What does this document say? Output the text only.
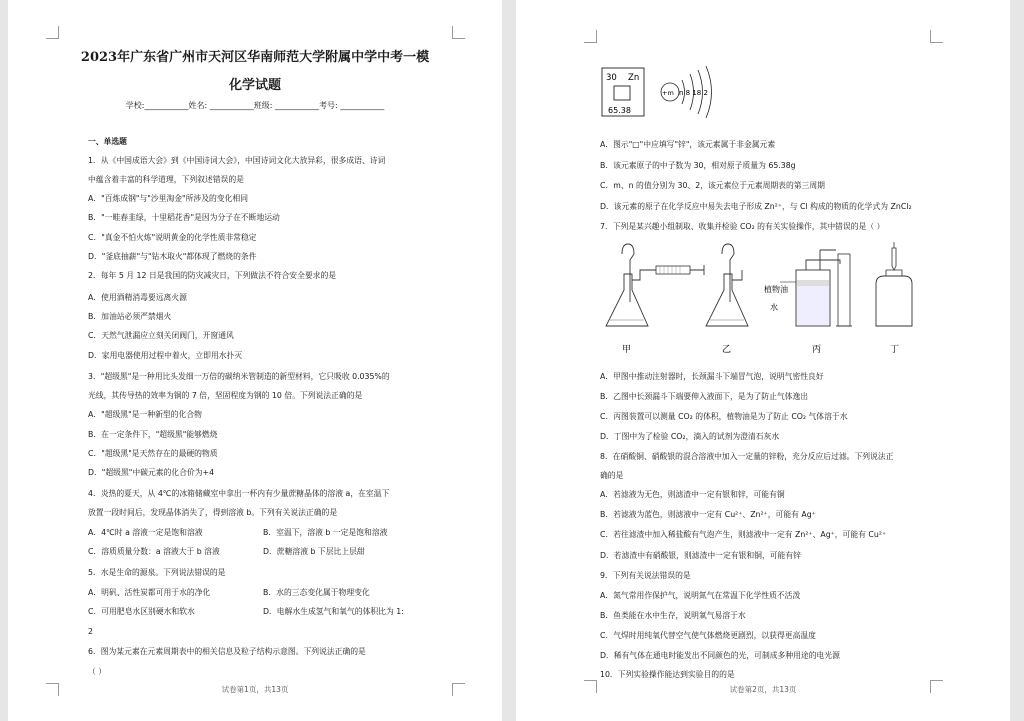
2023年广东省广州市天河区华南师范大学附属中学中考一模
化学试题
学校:___________姓名: ___________班级: ___________考号: ___________
一、单选题
1．从《中国成语大会》到《中国诗词大会》，中国诗词文化大放异彩，很多成语、诗词
中蕴含着丰富的科学道理，下列叙述错误的是
A．"百炼成钢"与"沙里淘金"所涉及的变化相同
B．"一畦春韭绿，十里稻花香"是因为分子在不断地运动
C．"真金不怕火炼"说明黄金的化学性质非常稳定
D．"釜底抽薪"与"钻木取火"都体现了燃烧的条件
2．每年 5 月 12 日是我国的防灾减灾日，下列做法不符合安全要求的是
A．使用酒精消毒要远离火源
B．加油站必须严禁烟火
C．天然气泄漏应立刻关闭阀门，开窗通风
D．家用电器使用过程中着火，立即用水扑灭
3．"超级黑"是一种用比头发细一万倍的碳纳米管制造的新型材料，它只吸收 0.035%的
光线，其传导热的效率为铜的 7 倍，坚固程度为钢的 10 倍。下列说法正确的是
A．"超级黑"是一种新型的化合物
B．在一定条件下，"超级黑"能够燃烧
C．"超级黑"是天然存在的最硬的物质
D．"超级黑"中碳元素的化合价为+4
4．炎热的夏天，从 4℃的冰箱储藏室中拿出一杯内有少量蔗糖晶体的溶液 a，在室温下
放置一段时间后，发现晶体消失了，得到溶液 b。下列有关说法正确的是
A．4℃时 a 溶液一定是饱和溶液	B．室温下，溶液 b 一定是饱和溶液
C．溶质质量分数：a 溶液大于 b 溶液	D．蔗糖溶液 b 下层比上层甜
5．水是生命的源泉。下列说法错误的是
A．明矾、活性炭都可用于水的净化	B．水的三态变化属于物理变化
C．可用肥皂水区别硬水和软水	D．电解水生成氢气和氧气的体积比为 1:
2
6．图为某元素在元素周期表中的相关信息及粒子结构示意图。下列说法正确的是
（ ）
试卷第1页，共13页
30 Zn
65.38
+m n 8 18 2
A．图示"□"中应填写"锌"，该元素属于非金属元素
B．该元素原子的中子数为 30，相对原子质量为 65.38g
C．m、n 的值分别为 30、2，该元素位于元素周期表的第三周期
D．该元素的原子在化学反应中易失去电子形成 Zn²⁺，与 Cl 构成的物质的化学式为 ZnCl₂
7．下列是某兴趣小组制取、收集并检验 CO₂ 的有关实验操作，其中错误的是（ ）
植物油
水
甲	乙	丙	丁
A．甲图中推动注射器时，长颈漏斗下端冒气泡，说明气密性良好
B．乙图中长颈漏斗下端要伸入液面下，是为了防止气体逸出
C．丙图装置可以测量 CO₂ 的体积，植物油是为了防止 CO₂ 气体溶于水
D．丁图中为了检验 CO₂，滴入的试剂为澄清石灰水
8．在硝酸铜、硝酸银的混合溶液中加入一定量的锌粉，充分反应后过滤。下列说法正
确的是
A．若滤液为无色，则滤渣中一定有银和锌，可能有铜
B．若滤液为蓝色，则滤液中一定有 Cu²⁺、Zn²⁺，可能有 Ag⁺
C．若往滤渣中加入稀盐酸有气泡产生，则滤液中一定有 Zn²⁺、Ag⁺，可能有 Cu²⁺
D．若滤渣中有硝酸银，则滤渣中一定有银和铜，可能有锌
9．下列有关说法错误的是
A．氮气常用作保护气，说明氮气在常温下化学性质不活泼
B．鱼类能在水中生存，说明氧气易溶于水
C．气焊时用纯氧代替空气使气体燃烧更剧烈，以获得更高温度
D．稀有气体在通电时能发出不同颜色的光，可制成多种用途的电光源
10．下列实验操作能达到实验目的的是
试卷第2页，共13页
